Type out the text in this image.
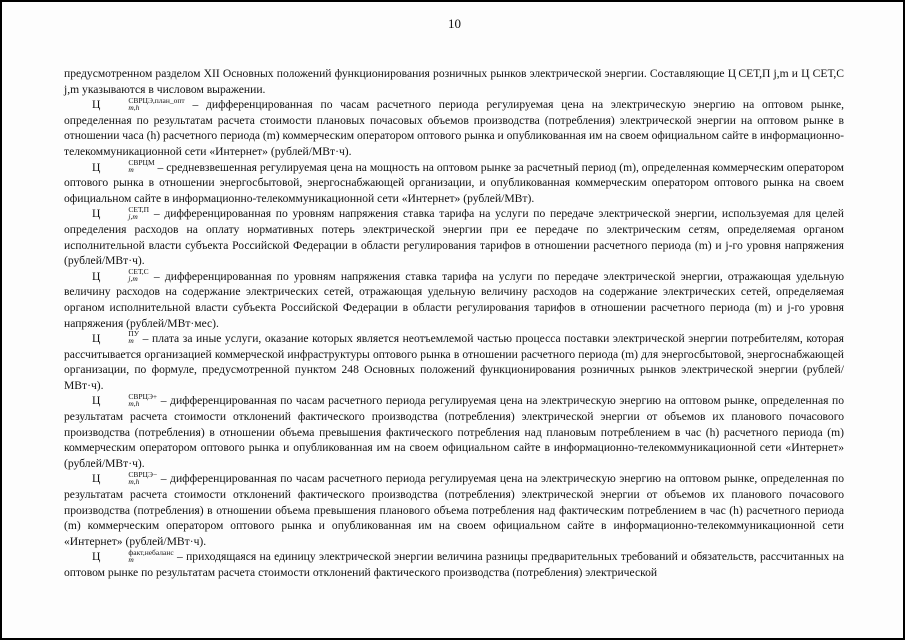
10

предусмотренном разделом XII Основных положений функционирования розничных рынков электрической энергии. Составляющие Ц СЕТ,П j,m и Ц СЕТ,С j,m указываются в числовом выражении.

Ц	СВРЦЭ,план_опт
m,h	– дифференцированная по часам расчетного периода регулируемая цена на электрическую энергию на оптовом рынке, определенная по результатам расчета стоимости плановых почасовых объемов производства (потребления) электрической энергии на оптовом рынке в отношении часа (h) расчетного периода (m) коммерческим оператором оптового рынка и опубликованная им на своем официальном сайте в информационно-телекоммуникационной сети «Интернет» (рублей/МВт·ч).

Ц	СВРЦМ
m	– средневзвешенная регулируемая цена на мощность на оптовом рынке за расчетный период (m), определенная коммерческим оператором оптового рынка в отношении энергосбытовой, энергоснабжающей организации, и опубликованная коммерческим оператором оптового рынка на своем официальном сайте в информационно-телекоммуникационной сети «Интернет» (рублей/МВт).

Ц	СЕТ,П
j,m – дифференцированная по уровням напряжения ставка тарифа на услуги по передаче электрической энергии, используемая для целей определения расходов на оплату нормативных потерь электрической энергии при ее передаче по электрическим сетям, определяемая органом исполнительной власти субъекта Российской Федерации в области регулирования тарифов в отношении расчетного периода (m) и j-го уровня напряжения (рублей/МВт·ч).

Ц	СЕТ,С
j,m – дифференцированная по уровням напряжения ставка тарифа на услуги по передаче электрической энергии, отражающая удельную величину расходов на содержание электрических сетей, отражающая удельную величину расходов на содержание электрических сетей, определяемая органом исполнительной власти субъекта Российской Федерации в области регулирования тарифов в отношении расчетного периода (m) и j-го уровня напряжения (рублей/МВт·мес).

Ц	ПУ
m – плата за иные услуги, оказание которых является неотъемлемой частью процесса поставки электрической энергии потребителям, которая рассчитывается организацией коммерческой инфраструктуры оптового рынка в отношении расчетного периода (m) для энергосбытовой, энергоснабжающей организации, по формуле, предусмотренной пунктом 248 Основных положений функционирования розничных рынков электрической энергии (рублей/МВт·ч).

Ц	СВРЦЭ+
m,h	– дифференцированная по часам расчетного периода регулируемая цена на электрическую энергию на оптовом рынке, определенная по результатам расчета стоимости отклонений фактического производства (потребления) электрической энергии от объемов их планового почасового производства (потребления) в отношении объема превышения фактического потребления над плановым потреблением в час (h) расчетного периода (m) коммерческим оператором оптового рынка и опубликованная им на своем официальном сайте в информационно-телекоммуникационной сети «Интернет» (рублей/МВт·ч).

Ц	СВРЦЭ−
m,h	– дифференцированная по часам расчетного периода регулируемая цена на электрическую энергию на оптовом рынке, определенная по результатам расчета стоимости отклонений фактического производства (потребления) электрической энергии от объемов их планового почасового производства (потребления) в отношении объема превышения планового объема потребления над фактическим потреблением в час (h) расчетного периода (m) коммерческим оператором оптового рынка и опубликованная им на своем официальном сайте в информационно-телекоммуникационной сети «Интернет» (рублей/МВт·ч).

Ц	факт,небаланс
m	– приходящаяся на единицу электрической энергии величина разницы предварительных требований и обязательств, рассчитанных на оптовом рынке по результатам расчета стоимости отклонений фактического производства (потребления) электрической
